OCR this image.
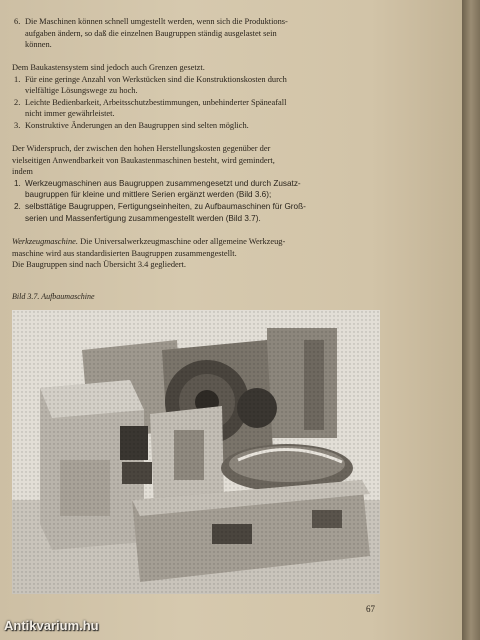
6. Die Maschinen können schnell umgestellt werden, wenn sich die Produktions-

aufgaben ändern, so daß die einzelnen Baugruppen ständig ausgelastet sein

können.

Dem Baukastensystem sind jedoch auch Grenzen gesetzt.

1. Für eine geringe Anzahl von Werkstücken sind die Konstruktionskosten durch

vielfältige Lösungswege zu hoch.

2. Leichte Bedienbarkeit, Arbeitsschutzbestimmungen, unbehinderter Späneafall

nicht immer gewährleistet.

3. Konstruktive Änderungen an den Baugruppen sind selten möglich.

Der Widerspruch, der zwischen den hohen Herstellungskosten gegenüber der

vielseitigen Anwendbarkeit von Baukastenmaschinen besteht, wird gemindert,

indem

1. Werkzeugmaschinen aus Baugruppen zusammengesetzt und durch Zusatz-

baugruppen für kleine und mittlere Serien ergänzt werden (Bild 3.6);

2. selbsttätige Baugruppen, Fertigungseinheiten, zu Aufbaumaschinen für Groß-

serien und Massenfertigung zusammengestellt werden (Bild 3.7).

Werkzeugmaschine. Die Universalwerkzeugmaschine oder allgemeine Werkzeug-

maschine wird aus standardisierten Baugruppen zusammengestellt.

Die Baugruppen sind nach Übersicht 3.4 gegliedert.

Bild 3.7. Aufbaumaschine
67
Antikvarium.hu
